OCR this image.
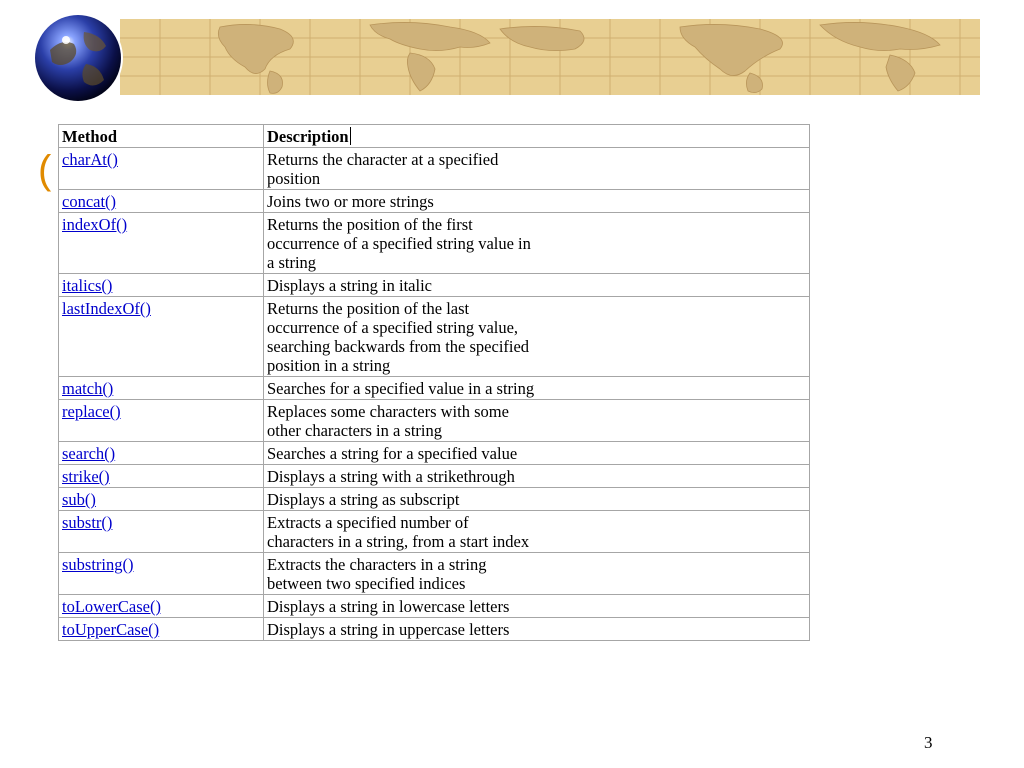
(
Method	Description
charAt()	Returns the character at a specified
position
concat()	Joins two or more strings
indexOf()	Returns the position of the first
occurrence of a specified string value in
a string
italics()	Displays a string in italic
lastIndexOf()	Returns the position of the last
occurrence of a specified string value,
searching backwards from the specified
position in a string
match()	Searches for a specified value in a string
replace()	Replaces some characters with some
other characters in a string
search()	Searches a string for a specified value
strike()	Displays a string with a strikethrough
sub()	Displays a string as subscript
substr()	Extracts a specified number of
characters in a string, from a start index
substring()	Extracts the characters in a string
between two specified indices
toLowerCase()	Displays a string in lowercase letters
toUpperCase()	Displays a string in uppercase letters
3
